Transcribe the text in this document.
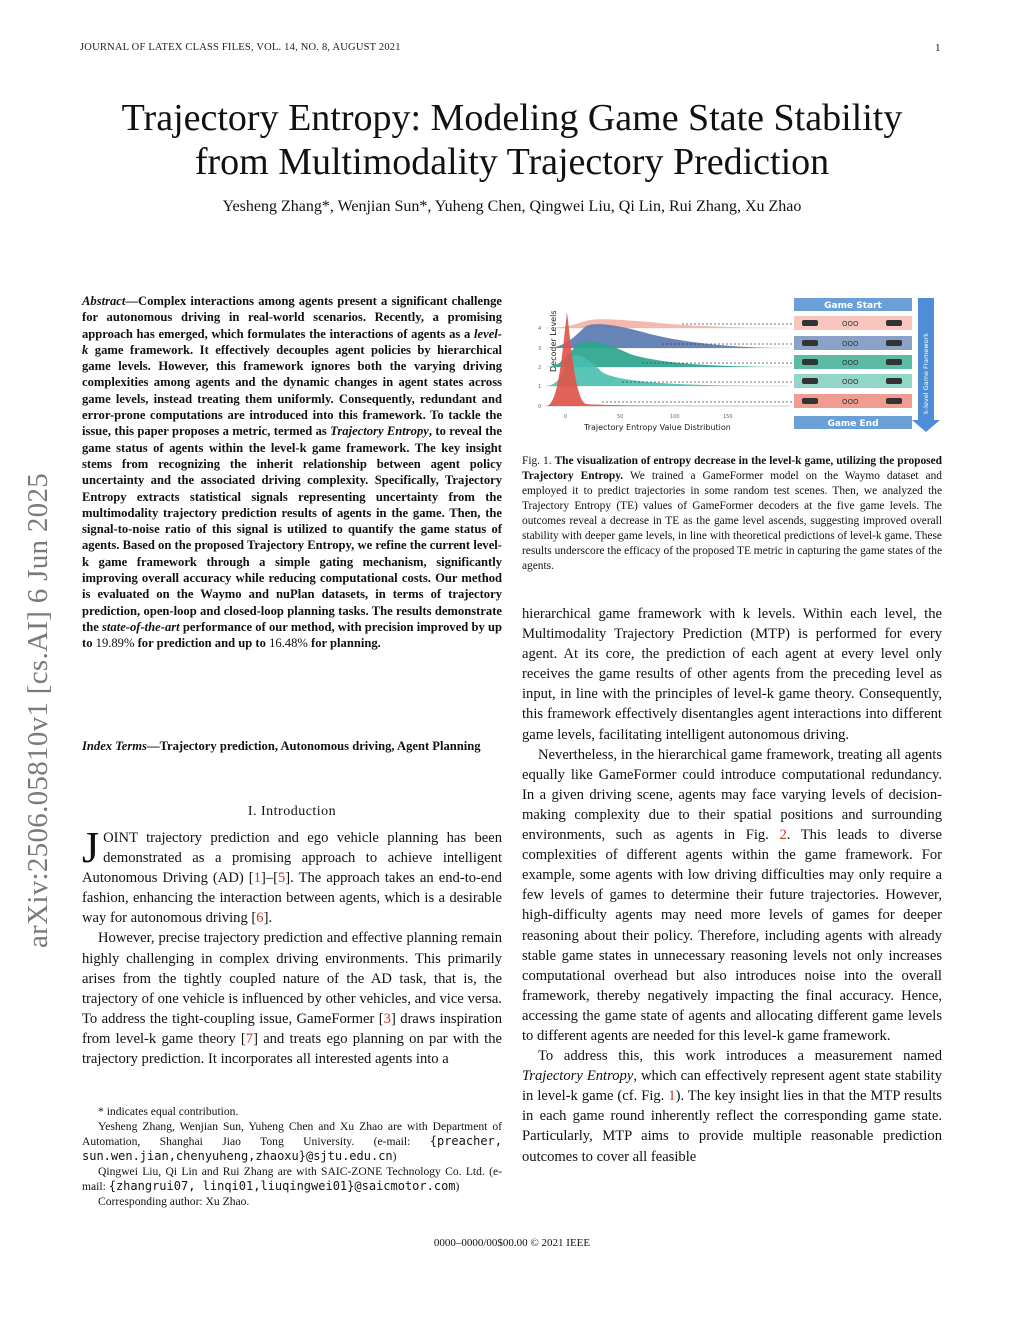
JOURNAL OF LATEX CLASS FILES, VOL. 14, NO. 8, AUGUST 2021	1
Trajectory Entropy: Modeling Game State Stability
from Multimodality Trajectory Prediction
Yesheng Zhang*, Wenjian Sun*, Yuheng Chen, Qingwei Liu, Qi Lin, Rui Zhang, Xu Zhao
arXiv:2506.05810v1 [cs.AI] 6 Jun 2025

Abstract—Complex interactions among agents present a significant challenge for autonomous driving in real-world scenarios. Recently, a promising approach has emerged, which formulates the interactions of agents as a level-k game framework. It effectively decouples agent policies by hierarchical game levels. However, this framework ignores both the varying driving complexities among agents and the dynamic changes in agent states across game levels, instead treating them uniformly. Consequently, redundant and error-prone computations are introduced into this framework. To tackle the issue, this paper proposes a metric, termed as Trajectory Entropy, to reveal the game status of agents within the level-k game framework. The key insight stems from recognizing the inherit relationship between agent policy uncertainty and the associated driving complexity. Specifically, Trajectory Entropy extracts statistical signals representing uncertainty from the multimodality trajectory prediction results of agents in the game. Then, the signal-to-noise ratio of this signal is utilized to quantify the game status of agents. Based on the proposed Trajectory Entropy, we refine the current level-k game framework through a simple gating mechanism, significantly improving overall accuracy while reducing computational costs. Our method is evaluated on the Waymo and nuPlan datasets, in terms of trajectory prediction, open-loop and closed-loop planning tasks. The results demonstrate the state-of-the-art performance of our method, with precision improved by up to 19.89% for prediction and up to 16.48% for planning.

Index Terms—Trajectory prediction, Autonomous driving, Agent Planning

I. Introduction

JOINT trajectory prediction and ego vehicle planning has been demonstrated as a promising approach to achieve intelligent Autonomous Driving (AD) [1]–[5]. The approach takes an end-to-end fashion, enhancing the interaction between agents, which is a desirable way for autonomous driving [6].

However, precise trajectory prediction and effective planning remain highly challenging in complex driving environments. This primarily arises from the tightly coupled nature of the AD task, that is, the trajectory of one vehicle is influenced by other vehicles, and vice versa. To address the tight-coupling issue, GameFormer [3] draws inspiration from level-k game theory [7] and treats ego planning on par with the trajectory prediction. It incorporates all interested agents into a

* indicates equal contribution.

Yesheng Zhang, Wenjian Sun, Yuheng Chen and Xu Zhao are with Department of Automation, Shanghai Jiao Tong University. (e-mail: {preacher, sun.wen.jian,chenyuheng,zhaoxu}@sjtu.edu.cn)

Qingwei Liu, Qi Lin and Rui Zhang are with SAIC-ZONE Technology Co. Ltd. (e-mail: {zhangrui07, linqi01,liuqingwei01}@saicmotor.com)

Corresponding author: Xu Zhao.

Decoder Levels
4
3
2
1
0
0	50	100	150
Trajectory Entropy Value Distribution
Game Start
OOO
OOO
OOO
OOO
OOO
Game End
k-level Game Framework

Fig. 1. The visualization of entropy decrease in the level-k game, utilizing the proposed Trajectory Entropy. We trained a GameFormer model on the Waymo dataset and employed it to predict trajectories in some random test scenes. Then, we analyzed the Trajectory Entropy (TE) values of GameFormer decoders at the five game levels. The outcomes reveal a decrease in TE as the game level ascends, suggesting improved overall stability with deeper game levels, in line with theoretical predictions of level-k game. These results underscore the efficacy of the proposed TE metric in capturing the game states of the agents.

hierarchical game framework with k levels. Within each level, the Multimodality Trajectory Prediction (MTP) is performed for every agent. At its core, the prediction of each agent at every level only receives the game results of other agents from the preceding level as input, in line with the principles of level-k game theory. Consequently, this framework effectively disentangles agent interactions into different game levels, facilitating intelligent autonomous driving.

Nevertheless, in the hierarchical game framework, treating all agents equally like GameFormer could introduce computational redundancy. In a given driving scene, agents may face varying levels of decision-making complexity due to their spatial positions and surrounding environments, such as agents in Fig. 2. This leads to diverse complexities of different agents within the game framework. For example, some agents with low driving difficulties may only require a few levels of games to determine their future trajectories. However, high-difficulty agents may need more levels of games for deeper reasoning about their policy. Therefore, including agents with already stable game states in unnecessary reasoning levels not only increases computational overhead but also introduces noise into the overall framework, thereby negatively impacting the final accuracy. Hence, accessing the game state of agents and allocating different game levels to different agents are needed for this level-k game framework.

To address this, this work introduces a measurement named Trajectory Entropy, which can effectively represent agent state stability in level-k game (cf. Fig. 1). The key insight lies in that the MTP results in each game round inherently reflect the corresponding game state. Particularly, MTP aims to provide multiple reasonable prediction outcomes to cover all feasible

0000–0000/00$00.00 © 2021 IEEE
